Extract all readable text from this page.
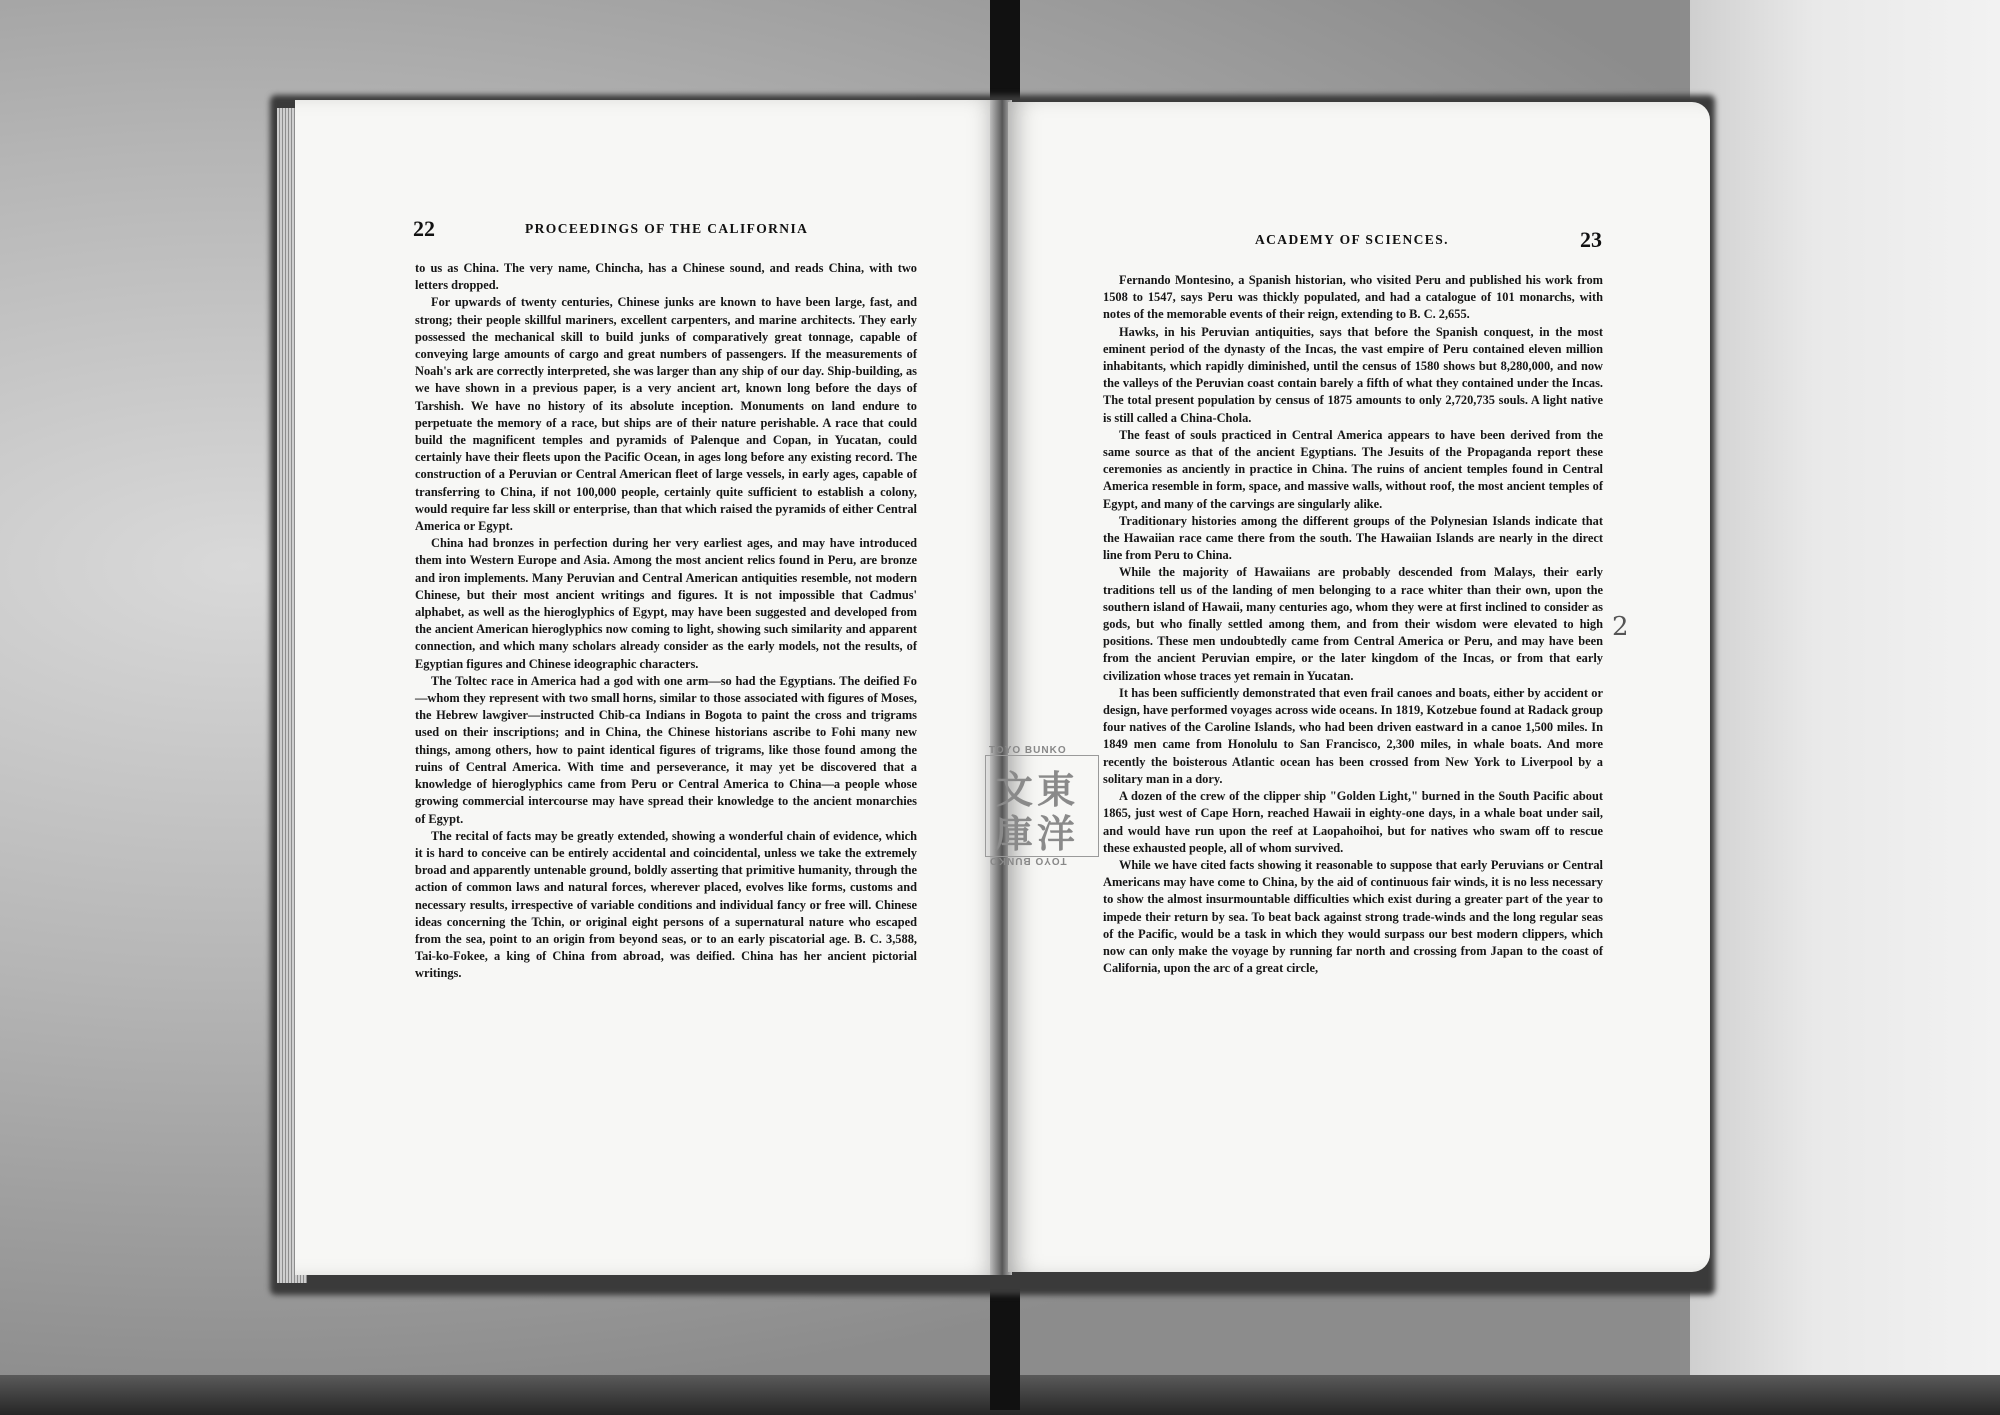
22	PROCEEDINGS OF THE CALIFORNIA

to us as China. The very name, Chincha, has a Chinese sound, and reads China, with two letters dropped.

For upwards of twenty centuries, Chinese junks are known to have been large, fast, and strong; their people skillful mariners, excellent carpenters, and marine architects. They early possessed the mechanical skill to build junks of comparatively great tonnage, capable of conveying large amounts of cargo and great numbers of passengers. If the measurements of Noah's ark are correctly interpreted, she was larger than any ship of our day. Ship-building, as we have shown in a previous paper, is a very ancient art, known long before the days of Tarshish. We have no history of its absolute inception. Monuments on land endure to perpetuate the memory of a race, but ships are of their nature perishable. A race that could build the magnificent temples and pyramids of Palenque and Copan, in Yucatan, could certainly have their fleets upon the Pacific Ocean, in ages long before any existing record. The construction of a Peruvian or Central American fleet of large vessels, in early ages, capable of transferring to China, if not 100,000 people, certainly quite sufficient to establish a colony, would require far less skill or enterprise, than that which raised the pyramids of either Central America or Egypt.

China had bronzes in perfection during her very earliest ages, and may have introduced them into Western Europe and Asia. Among the most ancient relics found in Peru, are bronze and iron implements. Many Peruvian and Central American antiquities resemble, not modern Chinese, but their most ancient writings and figures. It is not impossible that Cadmus' alphabet, as well as the hieroglyphics of Egypt, may have been suggested and developed from the ancient American hieroglyphics now coming to light, showing such similarity and apparent connection, and which many scholars already consider as the early models, not the results, of Egyptian figures and Chinese ideographic characters.

The Toltec race in America had a god with one arm—so had the Egyptians. The deified Fo—whom they represent with two small horns, similar to those associated with figures of Moses, the Hebrew lawgiver—instructed Chib-ca Indians in Bogota to paint the cross and trigrams used on their inscriptions; and in China, the Chinese historians ascribe to Fohi many new things, among others, how to paint identical figures of trigrams, like those found among the ruins of Central America. With time and perseverance, it may yet be discovered that a knowledge of hieroglyphics came from Peru or Central America to China—a people whose growing commercial intercourse may have spread their knowledge to the ancient monarchies of Egypt.

The recital of facts may be greatly extended, showing a wonderful chain of evidence, which it is hard to conceive can be entirely accidental and coincidental, unless we take the extremely broad and apparently untenable ground, boldly asserting that primitive humanity, through the action of common laws and natural forces, wherever placed, evolves like forms, customs and necessary results, irrespective of variable conditions and individual fancy or free will. Chinese ideas concerning the Tchin, or original eight persons of a supernatural nature who escaped from the sea, point to an origin from beyond seas, or to an early piscatorial age. B. C. 3,588, Tai-ko-Fokee, a king of China from abroad, was deified. China has her ancient pictorial writings.

ACADEMY OF SCIENCES.	23

Fernando Montesino, a Spanish historian, who visited Peru and published his work from 1508 to 1547, says Peru was thickly populated, and had a catalogue of 101 monarchs, with notes of the memorable events of their reign, extending to B. C. 2,655.

Hawks, in his Peruvian antiquities, says that before the Spanish conquest, in the most eminent period of the dynasty of the Incas, the vast empire of Peru contained eleven million inhabitants, which rapidly diminished, until the census of 1580 shows but 8,280,000, and now the valleys of the Peruvian coast contain barely a fifth of what they contained under the Incas. The total present population by census of 1875 amounts to only 2,720,735 souls. A light native is still called a China-Chola.

The feast of souls practiced in Central America appears to have been derived from the same source as that of the ancient Egyptians. The Jesuits of the Propaganda report these ceremonies as anciently in practice in China. The ruins of ancient temples found in Central America resemble in form, space, and massive walls, without roof, the most ancient temples of Egypt, and many of the carvings are singularly alike.

Traditionary histories among the different groups of the Polynesian Islands indicate that the Hawaiian race came there from the south. The Hawaiian Islands are nearly in the direct line from Peru to China.

While the majority of Hawaiians are probably descended from Malays, their early traditions tell us of the landing of men belonging to a race whiter than their own, upon the southern island of Hawaii, many centuries ago, whom they were at first inclined to consider as gods, but who finally settled among them, and from their wisdom were elevated to high positions. These men undoubtedly came from Central America or Peru, and may have been from the ancient Peruvian empire, or the later kingdom of the Incas, or from that early civilization whose traces yet remain in Yucatan.

It has been sufficiently demonstrated that even frail canoes and boats, either by accident or design, have performed voyages across wide oceans. In 1819, Kotzebue found at Radack group four natives of the Caroline Islands, who had been driven eastward in a canoe 1,500 miles. In 1849 men came from Honolulu to San Francisco, 2,300 miles, in whale boats. And more recently the boisterous Atlantic ocean has been crossed from New York to Liverpool by a solitary man in a dory.

A dozen of the crew of the clipper ship "Golden Light," burned in the South Pacific about 1865, just west of Cape Horn, reached Hawaii in eighty-one days, in a whale boat under sail, and would have run upon the reef at Laopahoihoi, but for natives who swam off to rescue these exhausted people, all of whom survived.

While we have cited facts showing it reasonable to suppose that early Peruvians or Central Americans may have come to China, by the aid of continuous fair winds, it is no less necessary to show the almost insurmountable difficulties which exist during a greater part of the year to impede their return by sea. To beat back against strong trade-winds and the long regular seas of the Pacific, would be a task in which they would surpass our best modern clippers, which now can only make the voyage by running far north and crossing from Japan to the coast of California, upon the arc of a great circle,

TOYO BUNKO
東
洋
文
庫
TOYO BUNKO
2
